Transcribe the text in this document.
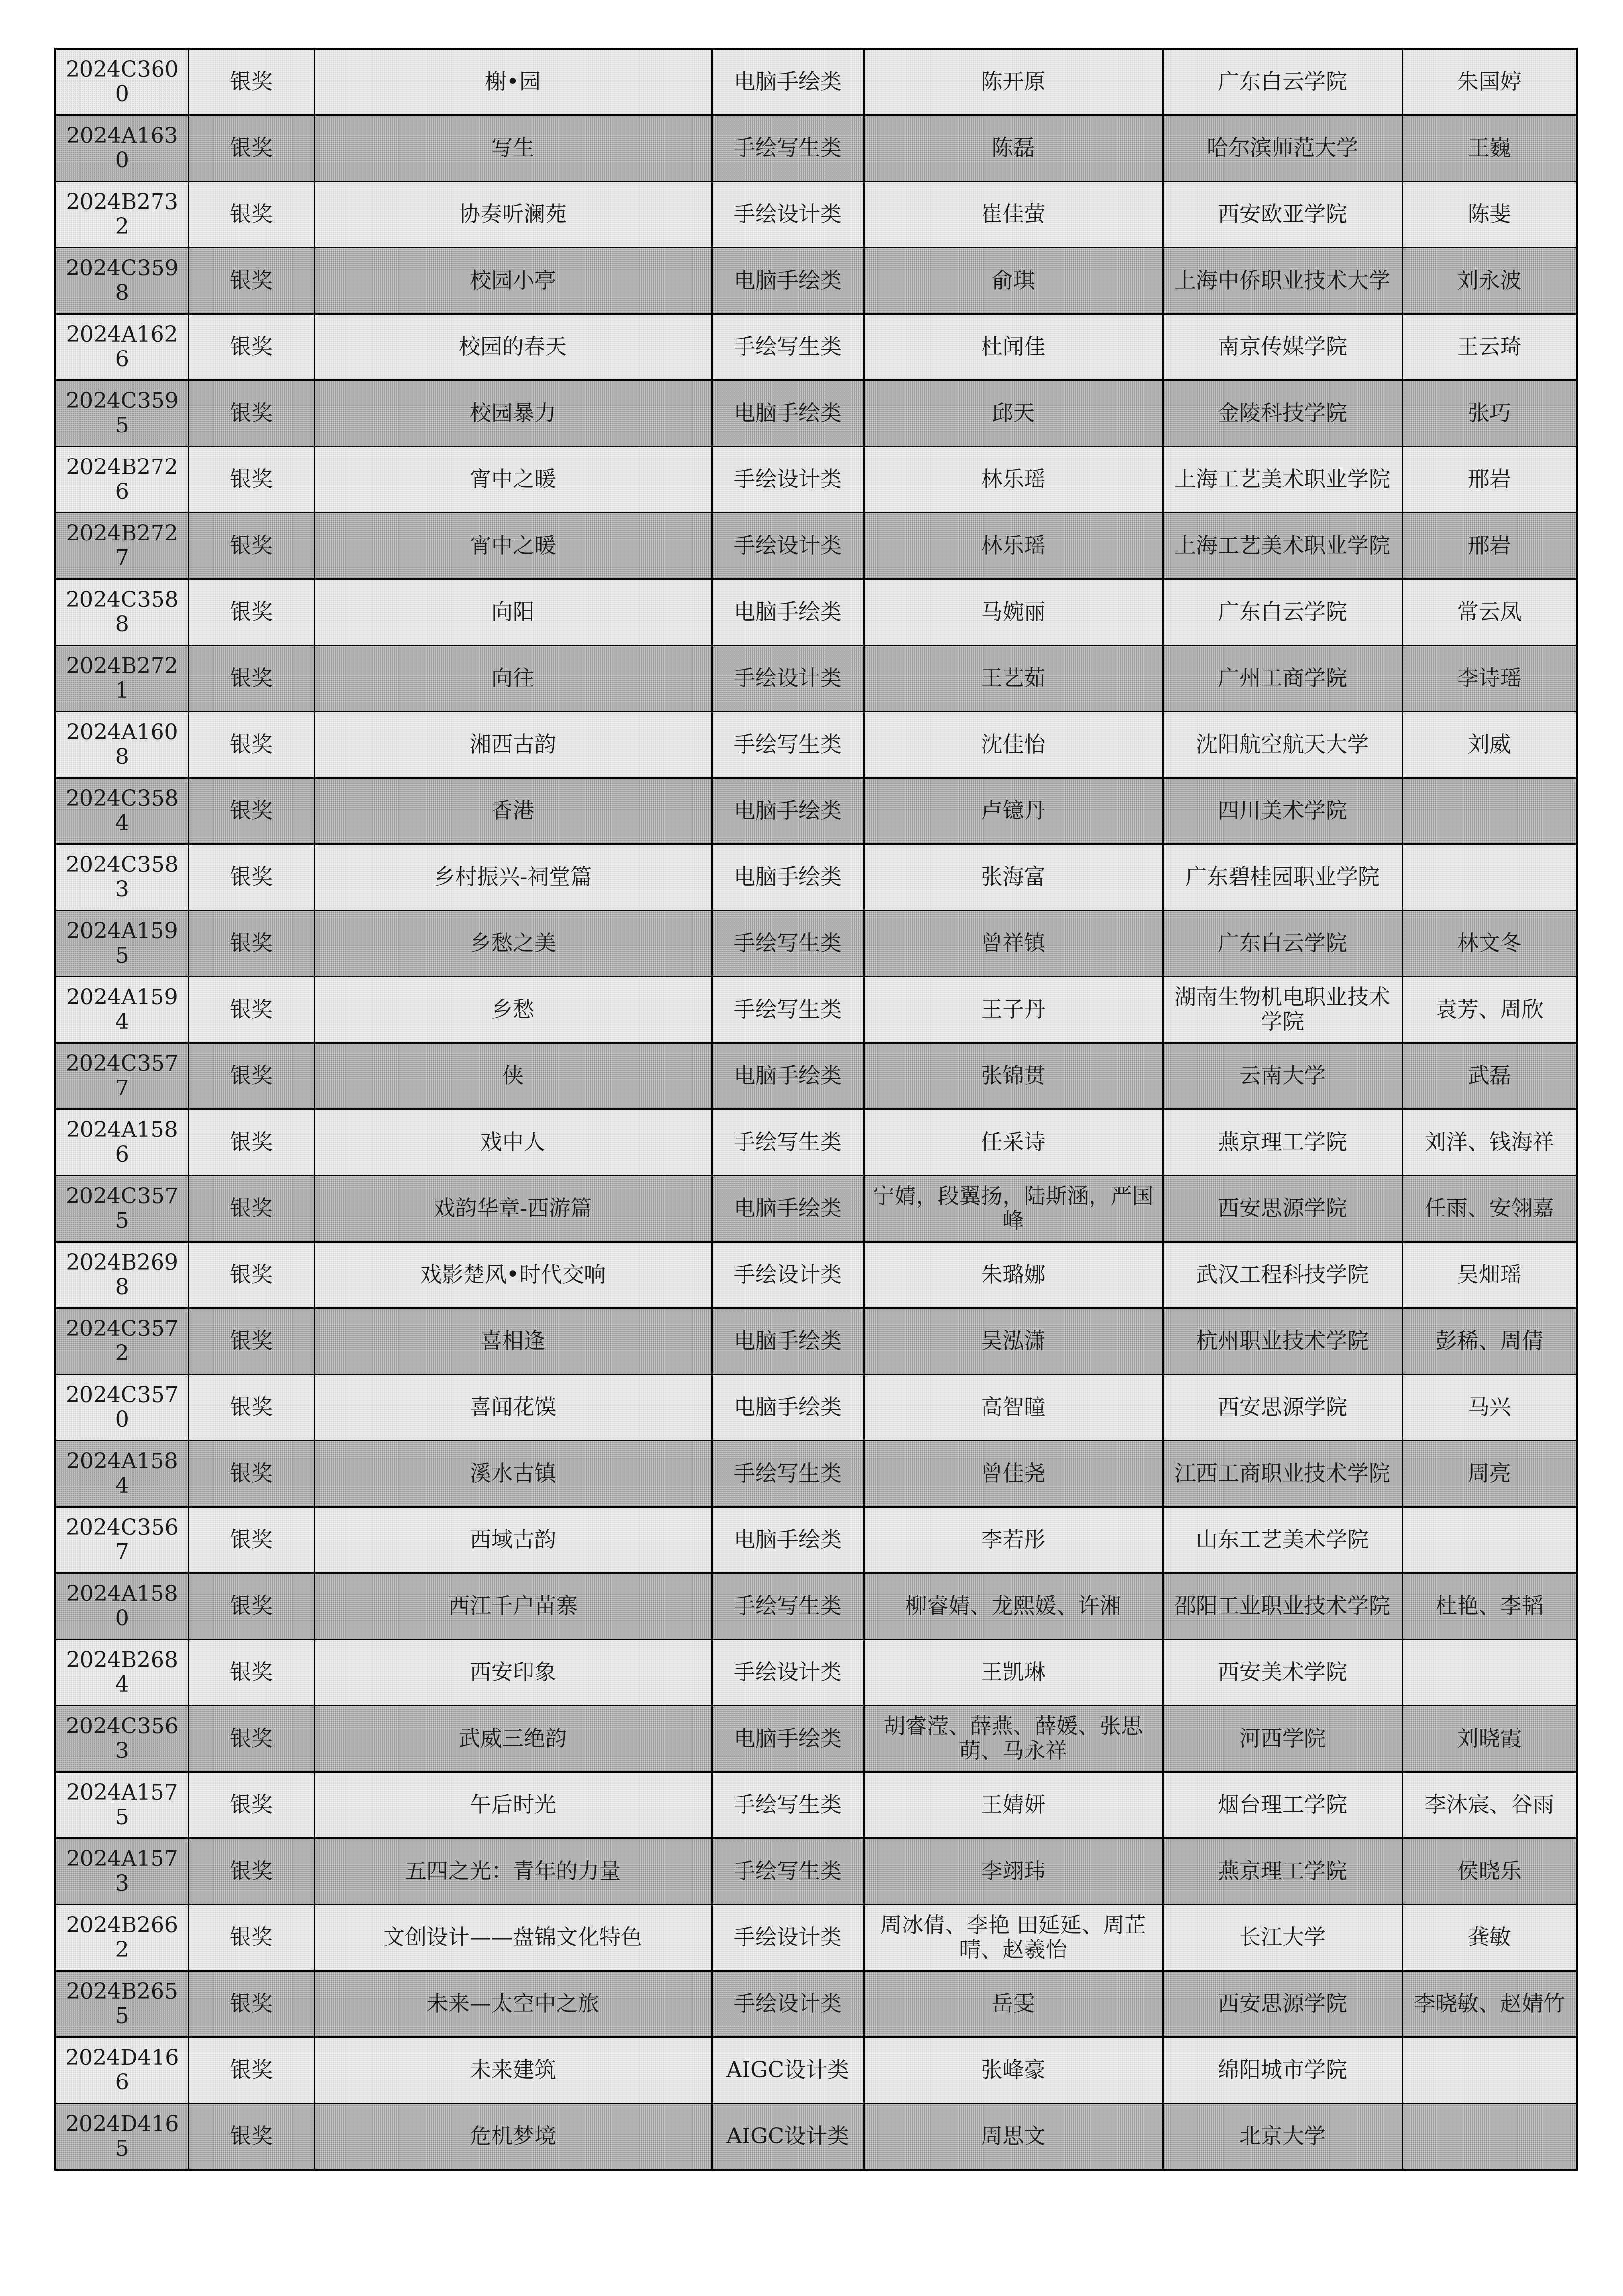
2024C3600	银奖	榭•园	电脑手绘类	陈开原	广东白云学院	朱国婷
2024A1630	银奖	写生	手绘写生类	陈磊	哈尔滨师范大学	王巍
2024B2732	银奖	协奏听澜苑	手绘设计类	崔佳萤	西安欧亚学院	陈斐
2024C3598	银奖	校园小亭	电脑手绘类	俞琪	上海中侨职业技术大学	刘永波
2024A1626	银奖	校园的春天	手绘写生类	杜闻佳	南京传媒学院	王云琦
2024C3595	银奖	校园暴力	电脑手绘类	邱天	金陵科技学院	张巧
2024B2726	银奖	宵中之暖	手绘设计类	林乐瑶	上海工艺美术职业学院	邢岩
2024B2727	银奖	宵中之暖	手绘设计类	林乐瑶	上海工艺美术职业学院	邢岩
2024C3588	银奖	向阳	电脑手绘类	马婉丽	广东白云学院	常云凤
2024B2721	银奖	向往	手绘设计类	王艺茹	广州工商学院	李诗瑶
2024A1608	银奖	湘西古韵	手绘写生类	沈佳怡	沈阳航空航天大学	刘威
2024C3584	银奖	香港	电脑手绘类	卢镱丹	四川美术学院	
2024C3583	银奖	乡村振兴-祠堂篇	电脑手绘类	张海富	广东碧桂园职业学院	
2024A1595	银奖	乡愁之美	手绘写生类	曾祥镇	广东白云学院	林文冬
2024A1594	银奖	乡愁	手绘写生类	王子丹	湖南生物机电职业技术学院	袁芳、周欣
2024C3577	银奖	侠	电脑手绘类	张锦贯	云南大学	武磊
2024A1586	银奖	戏中人	手绘写生类	任采诗	燕京理工学院	刘洋、钱海祥
2024C3575	银奖	戏韵华章-西游篇	电脑手绘类	宁婧，段翼扬，陆斯涵，严国峰	西安思源学院	任雨、安翎嘉
2024B2698	银奖	戏影楚风•时代交响	手绘设计类	朱璐娜	武汉工程科技学院	吴畑瑶
2024C3572	银奖	喜相逢	电脑手绘类	吴泓潇	杭州职业技术学院	彭稀、周倩
2024C3570	银奖	喜闻花馍	电脑手绘类	高智瞳	西安思源学院	马兴
2024A1584	银奖	溪水古镇	手绘写生类	曾佳尧	江西工商职业技术学院	周亮
2024C3567	银奖	西域古韵	电脑手绘类	李若彤	山东工艺美术学院	
2024A1580	银奖	西江千户苗寨	手绘写生类	柳睿婧、龙熙媛、许湘	邵阳工业职业技术学院	杜艳、李韬
2024B2684	银奖	西安印象	手绘设计类	王凯琳	西安美术学院	
2024C3563	银奖	武威三绝韵	电脑手绘类	胡睿滢、薛燕、薛媛、张思萌、马永祥	河西学院	刘晓霞
2024A1575	银奖	午后时光	手绘写生类	王婧妍	烟台理工学院	李沐宸、谷雨
2024A1573	银奖	五四之光：青年的力量	手绘写生类	李翊玮	燕京理工学院	侯晓乐
2024B2662	银奖	文创设计——盘锦文化特色	手绘设计类	周冰倩、李艳 田延延、周芷晴、赵羲怡	长江大学	龚敏
2024B2655	银奖	未来—太空中之旅	手绘设计类	岳雯	西安思源学院	李晓敏、赵婧竹
2024D4166	银奖	未来建筑	AIGC设计类	张峰豪	绵阳城市学院	
2024D4165	银奖	危机梦境	AIGC设计类	周思文	北京大学	
